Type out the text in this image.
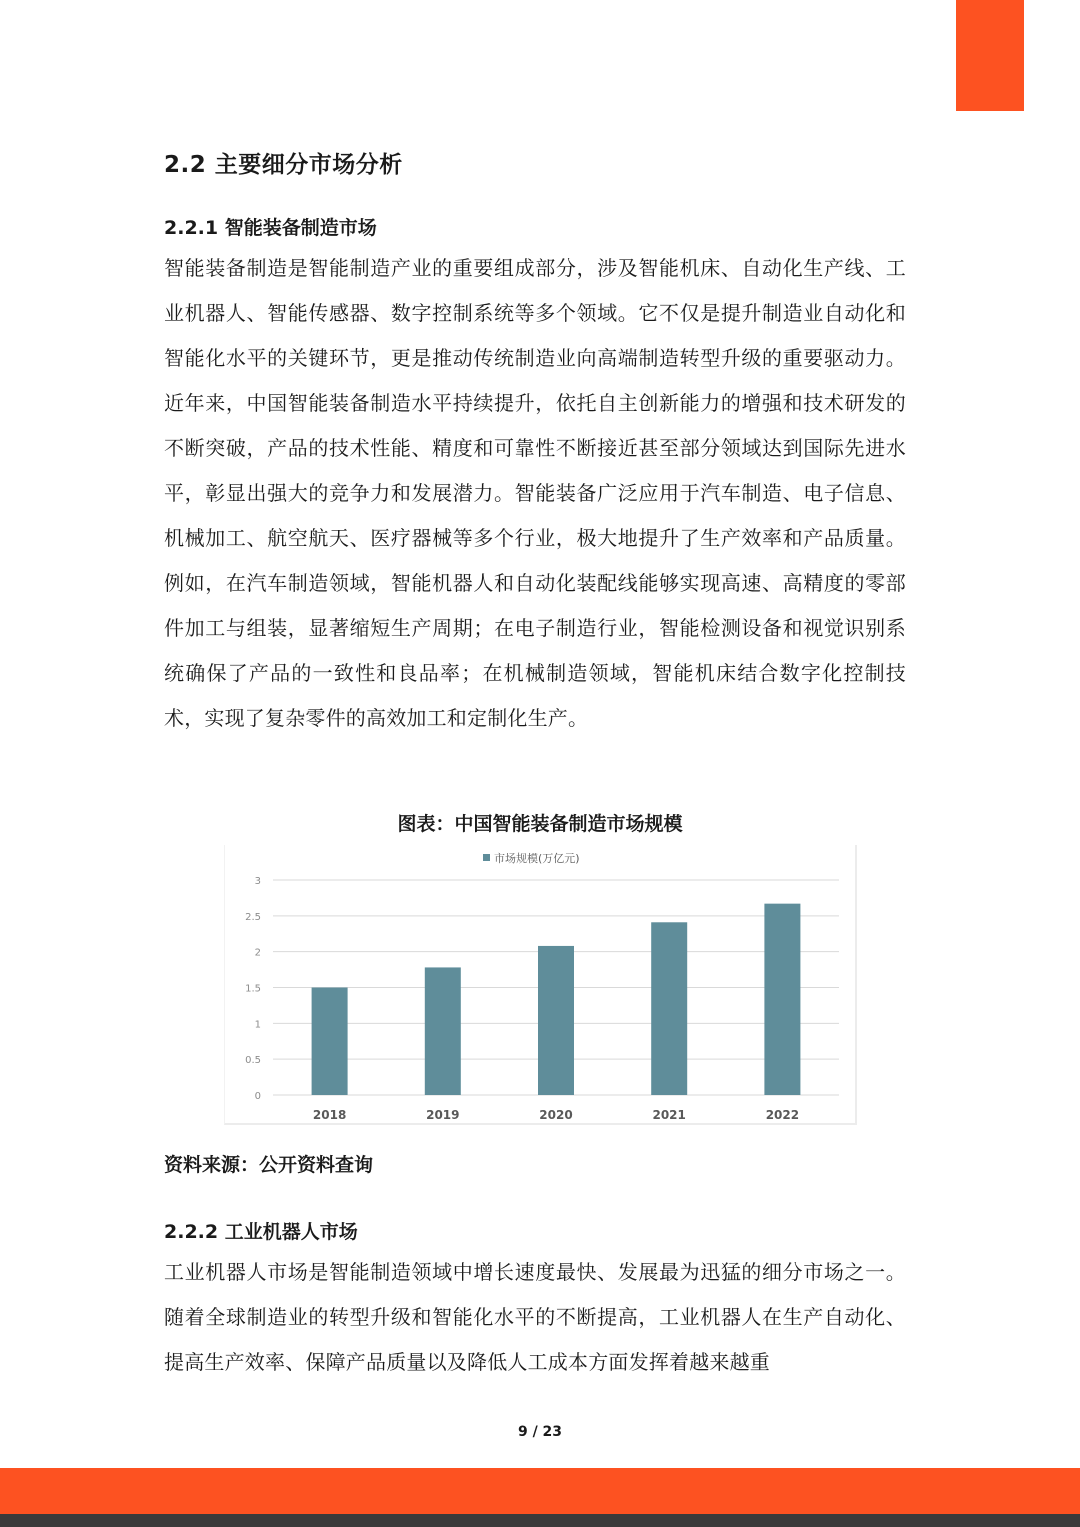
2.2 主要细分市场分析
2.2.1 智能装备制造市场

智能装备制造是智能制造产业的重要组成部分，涉及智能机床、自动化生产线、工业机器人、智能传感器、数字控制系统等多个领域。它不仅是提升制造业自动化和智能化水平的关键环节，更是推动传统制造业向高端制造转型升级的重要驱动力。近年来，中国智能装备制造水平持续提升，依托自主创新能力的增强和技术研发的不断突破，产品的技术性能、精度和可靠性不断接近甚至部分领域达到国际先进水平，彰显出强大的竞争力和发展潜力。智能装备广泛应用于汽车制造、电子信息、机械加工、航空航天、医疗器械等多个行业，极大地提升了生产效率和产品质量。例如，在汽车制造领域，智能机器人和自动化装配线能够实现高速、高精度的零部件加工与组装，显著缩短生产周期；在电子制造行业，智能检测设备和视觉识别系统确保了产品的一致性和良品率；在机械制造领域，智能机床结合数字化控制技术，实现了复杂零件的高效加工和定制化生产。

图表：中国智能装备制造市场规模
市场规模(万亿元)
0
0.5
1
1.5
2
2.5
3
2018	2019	2020	2021	2022
资料来源：公开资料查询
2.2.2 工业机器人市场

工业机器人市场是智能制造领域中增长速度最快、发展最为迅猛的细分市场之一。随着全球制造业的转型升级和智能化水平的不断提高，工业机器人在生产自动化、提高生产效率、保障产品质量以及降低人工成本方面发挥着越来越重

9 / 23
